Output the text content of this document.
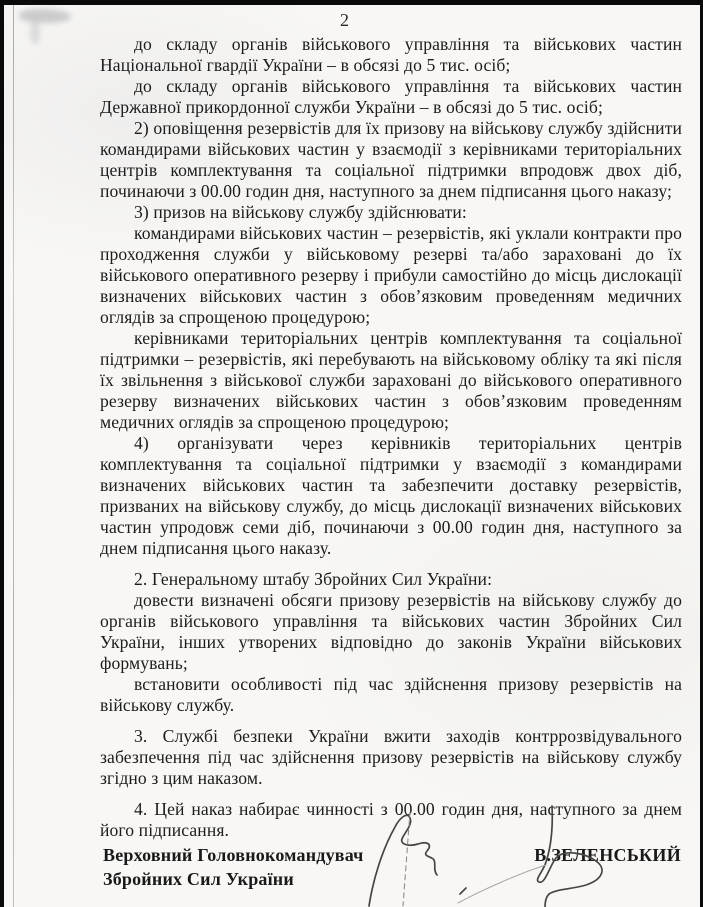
2

до складу органів військового управління та військових частин Національної гвардії України – в обсязі до 5 тис. осіб;

до складу органів військового управління та військових частин Державної прикордонної служби України – в обсязі до 5 тис. осіб;

2) оповіщення резервістів для їх призову на військову службу здійснити командирами військових частин у взаємодії з керівниками територіальних центрів комплектування та соціальної підтримки впродовж двох діб, починаючи з 00.00 годин дня, наступного за днем підписання цього наказу;

3) призов на військову службу здійснювати:

командирами військових частин – резервістів, які уклали контракти про проходження служби у військовому резерві та/або зараховані до їх військового оперативного резерву і прибули самостійно до місць дислокації визначених військових частин з обов’язковим проведенням медичних оглядів за спрощеною процедурою;

керівниками територіальних центрів комплектування та соціальної підтримки – резервістів, які перебувають на військовому обліку та які після їх звільнення з військової служби зараховані до військового оперативного резерву визначених військових частин з обов’язковим проведенням медичних оглядів за спрощеною процедурою;

4) організувати через керівників територіальних центрів комплектування та соціальної підтримки у взаємодії з командирами визначених військових частин та забезпечити доставку резервістів, призваних на військову службу, до місць дислокації визначених військових частин упродовж семи діб, починаючи з 00.00 годин дня, наступного за днем підписання цього наказу.

2. Генеральному штабу Збройних Сил України:

довести визначені обсяги призову резервістів на військову службу до органів військового управління та військових частин Збройних Сил України, інших утворених відповідно до законів України військових формувань;

встановити особливості під час здійснення призову резервістів на військову службу.

3. Службі безпеки України вжити заходів контррозвідувального забезпечення під час здійснення призову резервістів на військову службу згідно з цим наказом.

4. Цей наказ набирає чинності з 00.00 годин дня, наступного за днем його підписання.

Верховний Головнокомандувач
Збройних Сил України
В.ЗЕЛЕНСЬКИЙ
